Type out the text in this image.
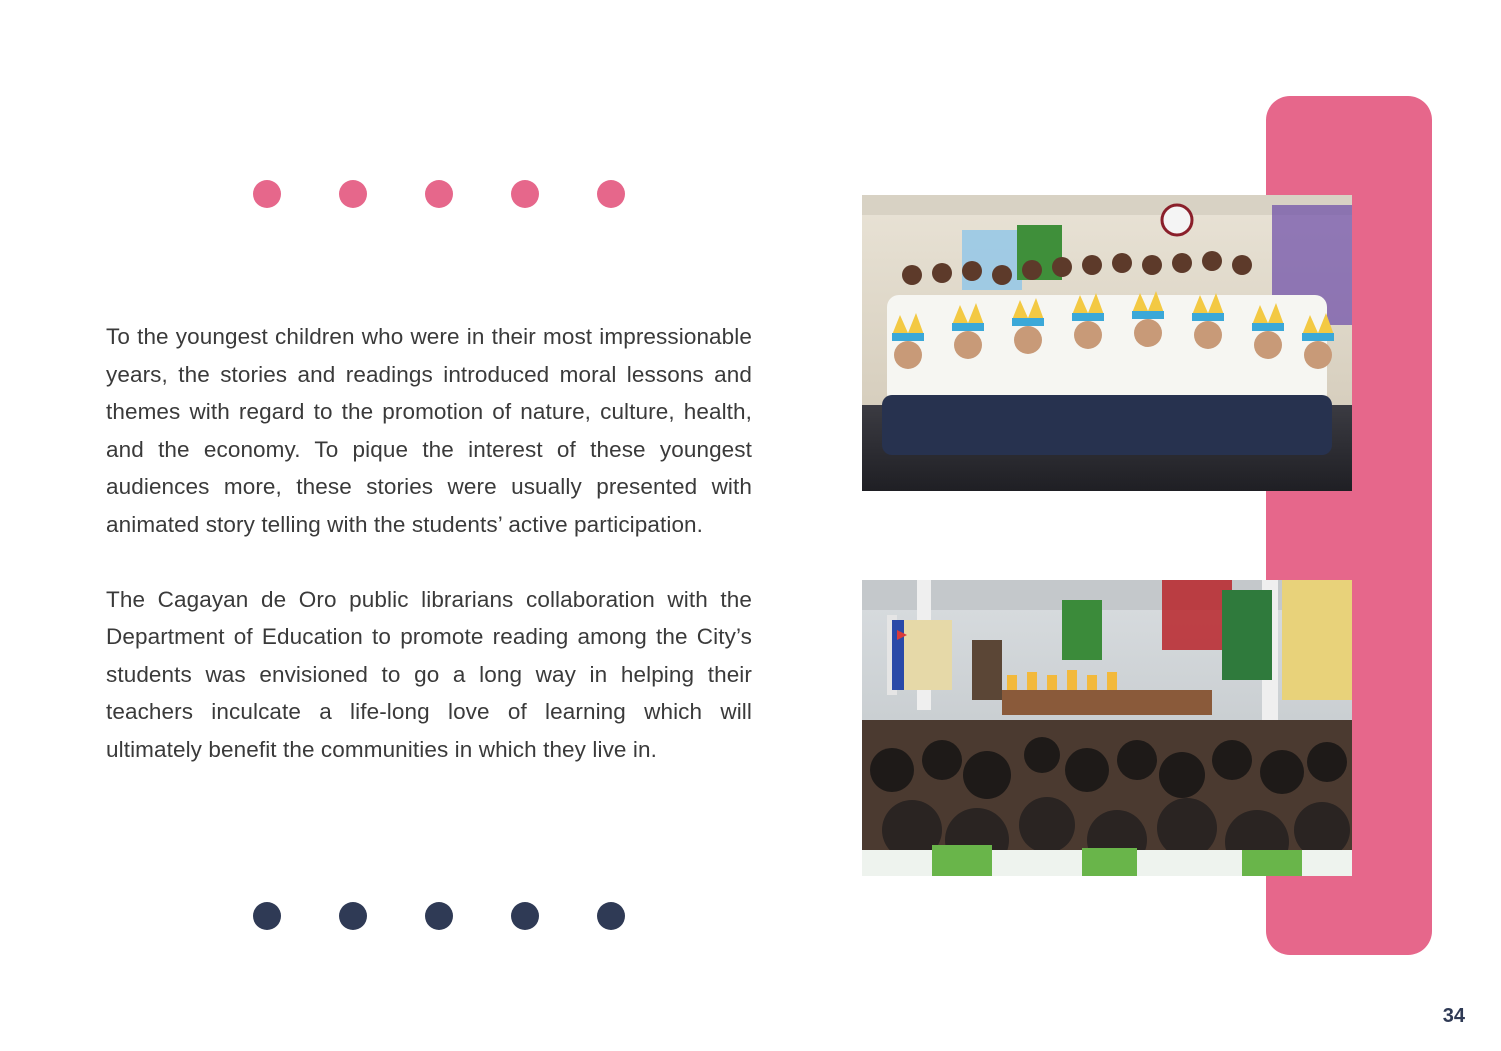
To the youngest children who were in their most impressionable years, the stories and readings introduced moral lessons and themes with regard to the promotion of nature, culture, health, and the economy. To pique the interest of these youngest audiences more, these stories were usually presented with animated story telling with the students’ active participation.

The Cagayan de Oro public librarians collaboration with the Department of Education to promote reading among the City’s students was envisioned to go a long way in helping their teachers inculcate a life-long love of learning which will ultimately benefit the communities in which they live in.

34
